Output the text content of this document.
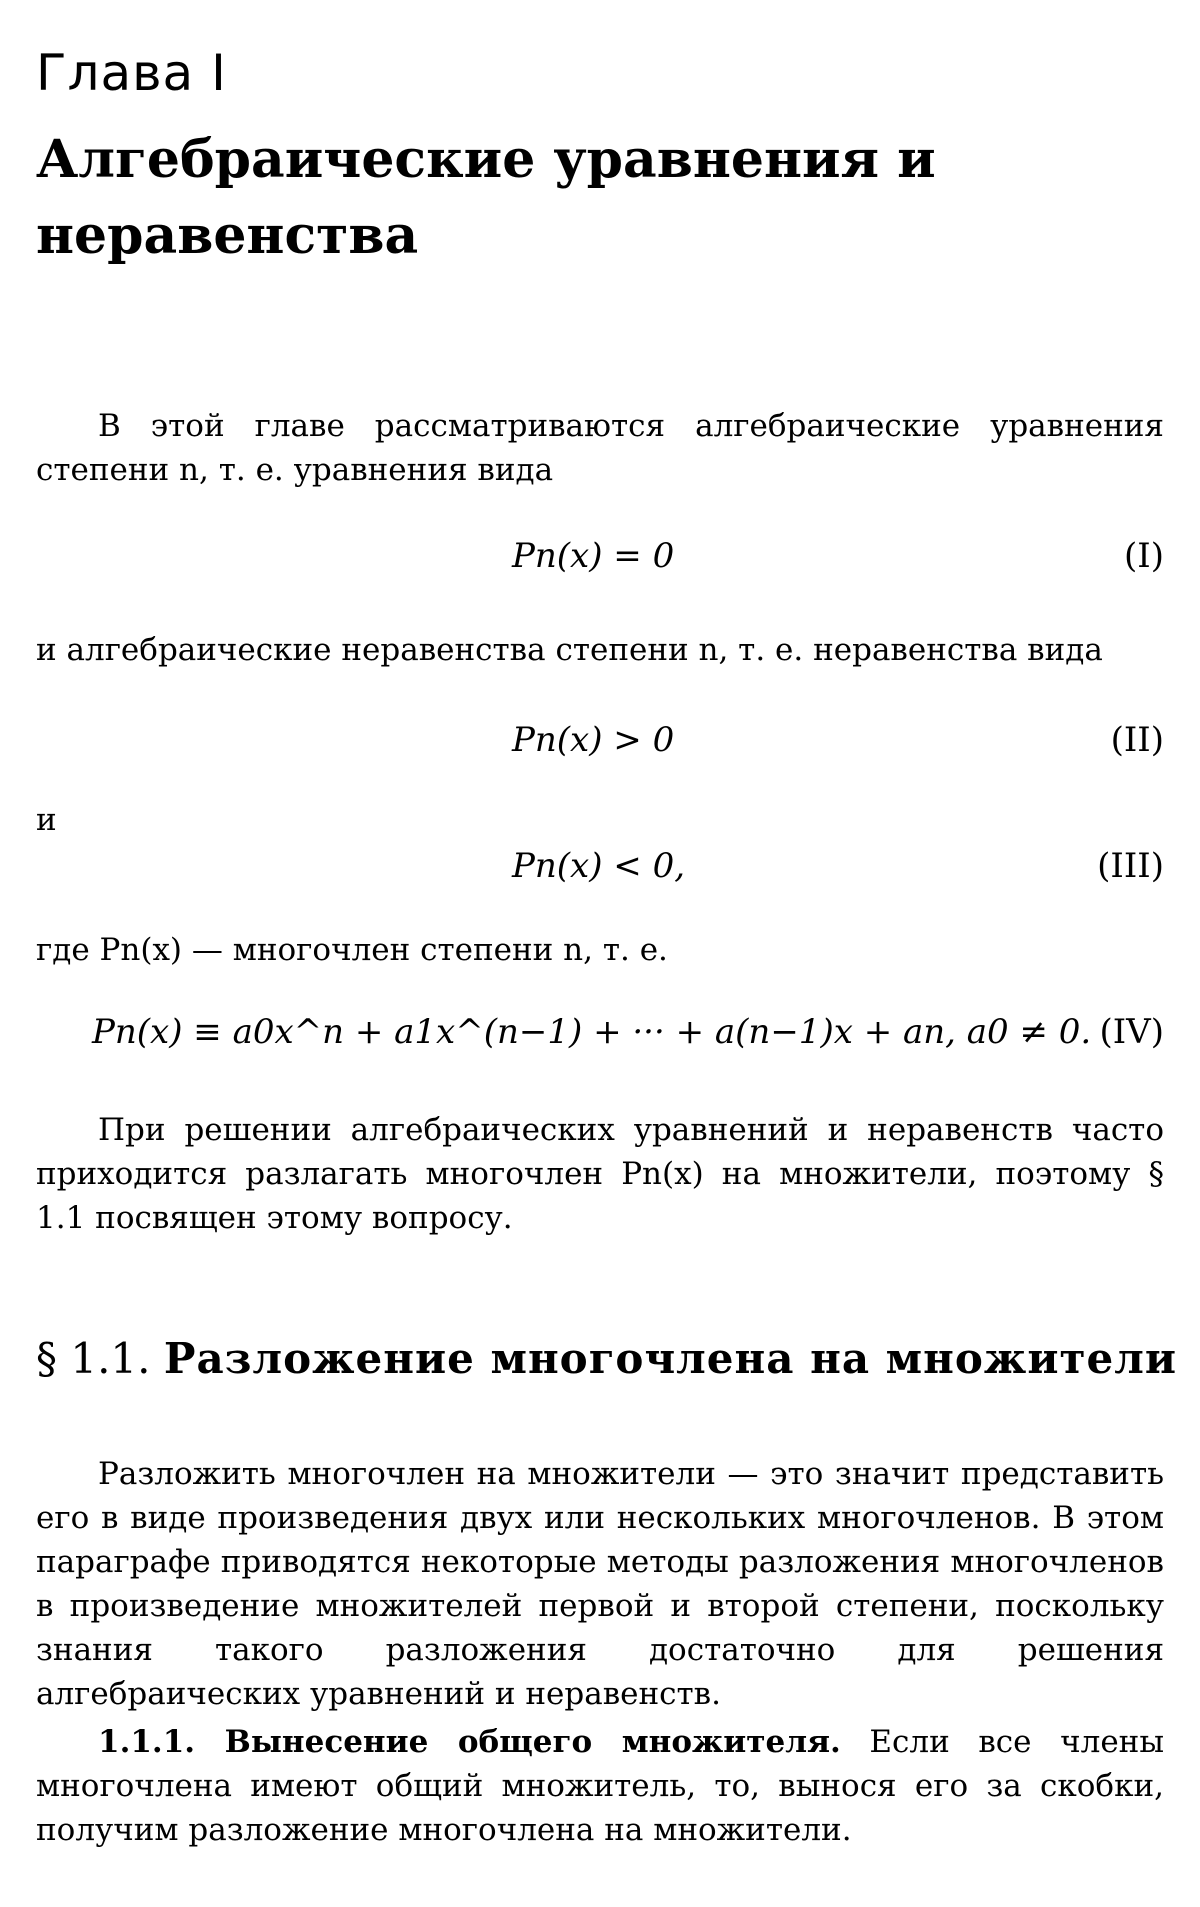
Глава I
Алгебраические уравнения и неравенства
В этой главе рассматриваются алгебраические уравнения степени n, т. е. уравнения вида
Pn(x) = 0	(I)
и алгебраические неравенства степени n, т. е. неравенства вида
Pn(x) > 0	(II)
и
Pn(x) < 0,	(III)
где Pn(x) — многочлен степени n, т. е.
Pn(x) ≡ a0x^n + a1x^(n−1) + ··· + a(n−1)x + an, a0 ≠ 0. (IV)
При решении алгебраических уравнений и неравенств часто приходится разлагать многочлен Pn(x) на множители, поэтому § 1.1 посвящен этому вопросу.
§ 1.1. Разложение многочлена на множители
Разложить многочлен на множители — это значит представить его в виде произведения двух или нескольких многочленов. В этом параграфе приводятся некоторые методы разложения многочленов в произведение множителей первой и второй степени, поскольку знания такого разложения достаточно для решения алгебраических уравнений и неравенств.
1.1.1. Вынесение общего множителя. Если все члены многочлена имеют общий множитель, то, вынося его за скобки, получим разложение многочлена на множители.
